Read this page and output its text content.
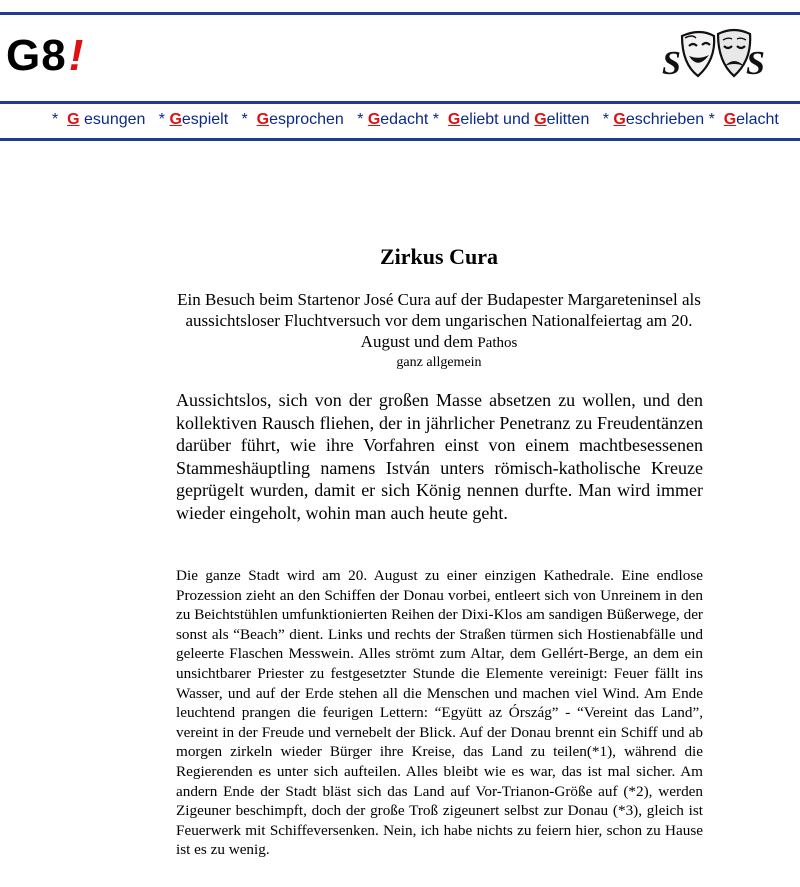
G8!	S S
* G esungen * Gespielt * Gesprochen * Gedacht * Geliebt und Gelitten * Geschrieben * Gelacht
Zirkus Cura
Ein Besuch beim Startenor José Cura auf der Budapester Margareteninsel als aussichtsloser Fluchtversuch vor dem ungarischen Nationalfeiertag am 20. August und dem Pathos
ganz allgemein

Aussichtslos, sich von der großen Masse absetzen zu wollen, und den kollektiven Rausch fliehen, der in jährlicher Penetranz zu Freudentänzen darüber führt, wie ihre Vorfahren einst von einem machtbesessenen Stammeshäuptling namens István unters römisch-katholische Kreuze geprügelt wurden, damit er sich König nennen durfte. Man wird immer wieder eingeholt, wohin man auch heute geht.

Die ganze Stadt wird am 20. August zu einer einzigen Kathedrale. Eine endlose Prozession zieht an den Schiffen der Donau vorbei, entleert sich von Unreinem in den zu Beichtstühlen umfunktionierten Reihen der Dixi-Klos am sandigen Büßerwege, der sonst als “Beach” dient. Links und rechts der Straßen türmen sich Hostienabfälle und geleerte Flaschen Messwein. Alles strömt zum Altar, dem Gellért-Berge, an dem ein unsichtbarer Priester zu festgesetzter Stunde die Elemente vereinigt: Feuer fällt ins Wasser, und auf der Erde stehen all die Menschen und machen viel Wind. Am Ende leuchtend prangen die feurigen Lettern: “Együtt az Órszág” - “Vereint das Land”, vereint in der Freude und vernebelt der Blick. Auf der Donau brennt ein Schiff und ab morgen zirkeln wieder Bürger ihre Kreise, das Land zu teilen(*1), während die Regierenden es unter sich aufteilen. Alles bleibt wie es war, das ist mal sicher. Am andern Ende der Stadt bläst sich das Land auf Vor-Trianon-Größe auf (*2), werden Zigeuner beschimpft, doch der große Troß zigeunert selbst zur Donau (*3), gleich ist Feuerwerk mit Schiffeversenken. Nein, ich habe nichts zu feiern hier, schon zu Hause ist es zu wenig.
